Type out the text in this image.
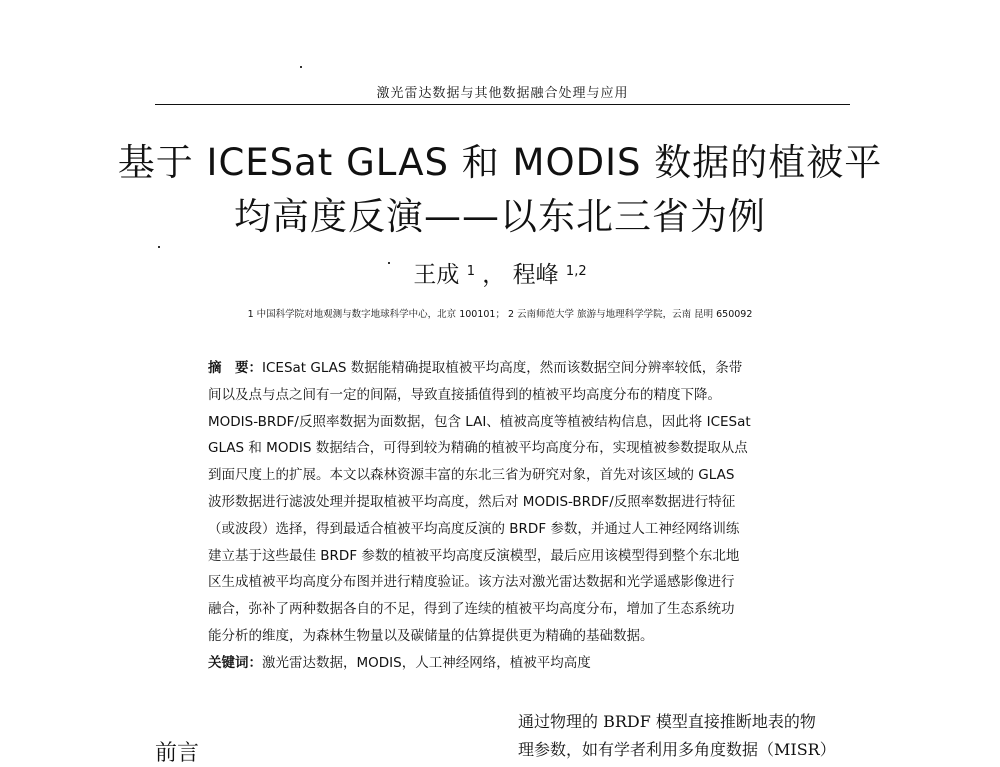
激光雷达数据与其他数据融合处理与应用
基于 ICESat GLAS 和 MODIS 数据的植被平
均高度反演——以东北三省为例
王成 $^1$ ， 程峰 $^{1,2}$
1 中国科学院对地观测与数字地球科学中心，北京 100101； 2 云南师范大学 旅游与地理科学学院，云南 昆明 650092
摘　要：ICESat GLAS 数据能精确提取植被平均高度，然而该数据空间分辨率较低，条带
间以及点与点之间有一定的间隔，导致直接插值得到的植被平均高度分布的精度下降。
MODIS-BRDF/反照率数据为面数据，包含 LAI、植被高度等植被结构信息，因此将 ICESat
GLAS 和 MODIS 数据结合，可得到较为精确的植被平均高度分布，实现植被参数提取从点
到面尺度上的扩展。本文以森林资源丰富的东北三省为研究对象，首先对该区域的 GLAS
波形数据进行滤波处理并提取植被平均高度，然后对 MODIS-BRDF/反照率数据进行特征
（或波段）选择，得到最适合植被平均高度反演的 BRDF 参数，并通过人工神经网络训练
建立基于这些最佳 BRDF 参数的植被平均高度反演模型，最后应用该模型得到整个东北地
区生成植被平均高度分布图并进行精度验证。该方法对激光雷达数据和光学遥感影像进行
融合，弥补了两种数据各自的不足，得到了连续的植被平均高度分布，增加了生态系统功
能分析的维度，为森林生物量以及碳储量的估算提供更为精确的基础数据。
关键词：激光雷达数据，MODIS，人工神经网络，植被平均高度
前言
通过物理的 BRDF 模型直接推断地表的物
理参数，如有学者利用多角度数据（MISR）
